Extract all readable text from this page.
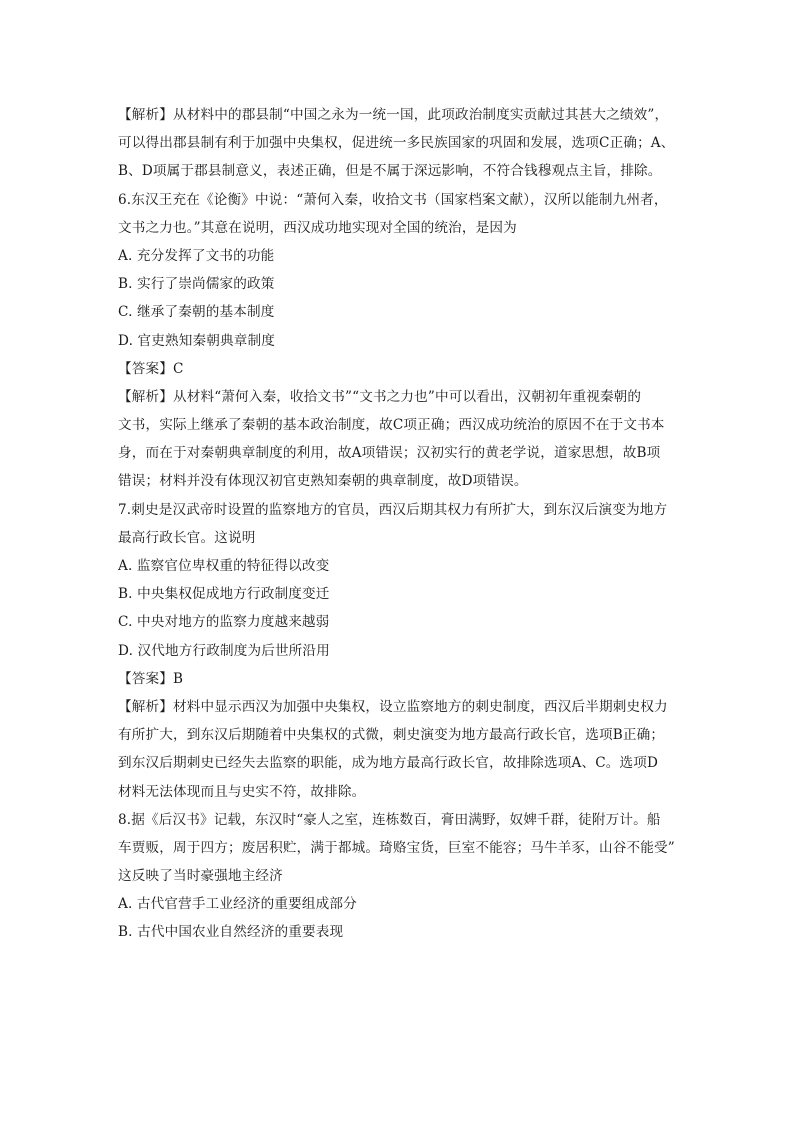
【解析】从材料中的郡县制“中国之永为一统一国，此项政治制度实贡献过其甚大之绩效”，
可以得出郡县制有利于加强中央集权，促进统一多民族国家的巩固和发展，选项C正确；A、
B、D项属于郡县制意义，表述正确，但是不属于深远影响，不符合钱穆观点主旨，排除。
6.东汉王充在《论衡》中说：“萧何入秦，收拾文书（国家档案文献），汉所以能制九州者，
文书之力也。”其意在说明，西汉成功地实现对全国的统治，是因为
A. 充分发挥了文书的功能
B. 实行了崇尚儒家的政策
C. 继承了秦朝的基本制度
D. 官吏熟知秦朝典章制度
【答案】C
【解析】从材料“萧何入秦，收拾文书”“文书之力也”中可以看出，汉朝初年重视秦朝的
文书，实际上继承了秦朝的基本政治制度，故C项正确；西汉成功统治的原因不在于文书本
身，而在于对秦朝典章制度的利用，故A项错误；汉初实行的黄老学说，道家思想，故B项
错误；材料并没有体现汉初官吏熟知秦朝的典章制度，故D项错误。
7.刺史是汉武帝时设置的监察地方的官员，西汉后期其权力有所扩大，到东汉后演变为地方
最高行政长官。这说明
A. 监察官位卑权重的特征得以改变
B. 中央集权促成地方行政制度变迁
C. 中央对地方的监察力度越来越弱
D. 汉代地方行政制度为后世所沿用
【答案】B
【解析】材料中显示西汉为加强中央集权，设立监察地方的刺史制度，西汉后半期刺史权力
有所扩大，到东汉后期随着中央集权的式微，刺史演变为地方最高行政长官，选项B正确；
到东汉后期刺史已经失去监察的职能，成为地方最高行政长官，故排除选项A、C。选项D
材料无法体现而且与史实不符，故排除。
8.据《后汉书》记载，东汉时“豪人之室，连栋数百，膏田满野，奴婢千群，徒附万计。船
车贾贩，周于四方；废居积贮，满于都城。琦赂宝货，巨室不能容；马牛羊豕，山谷不能受”
这反映了当时豪强地主经济
A. 古代官营手工业经济的重要组成部分
B. 古代中国农业自然经济的重要表现
